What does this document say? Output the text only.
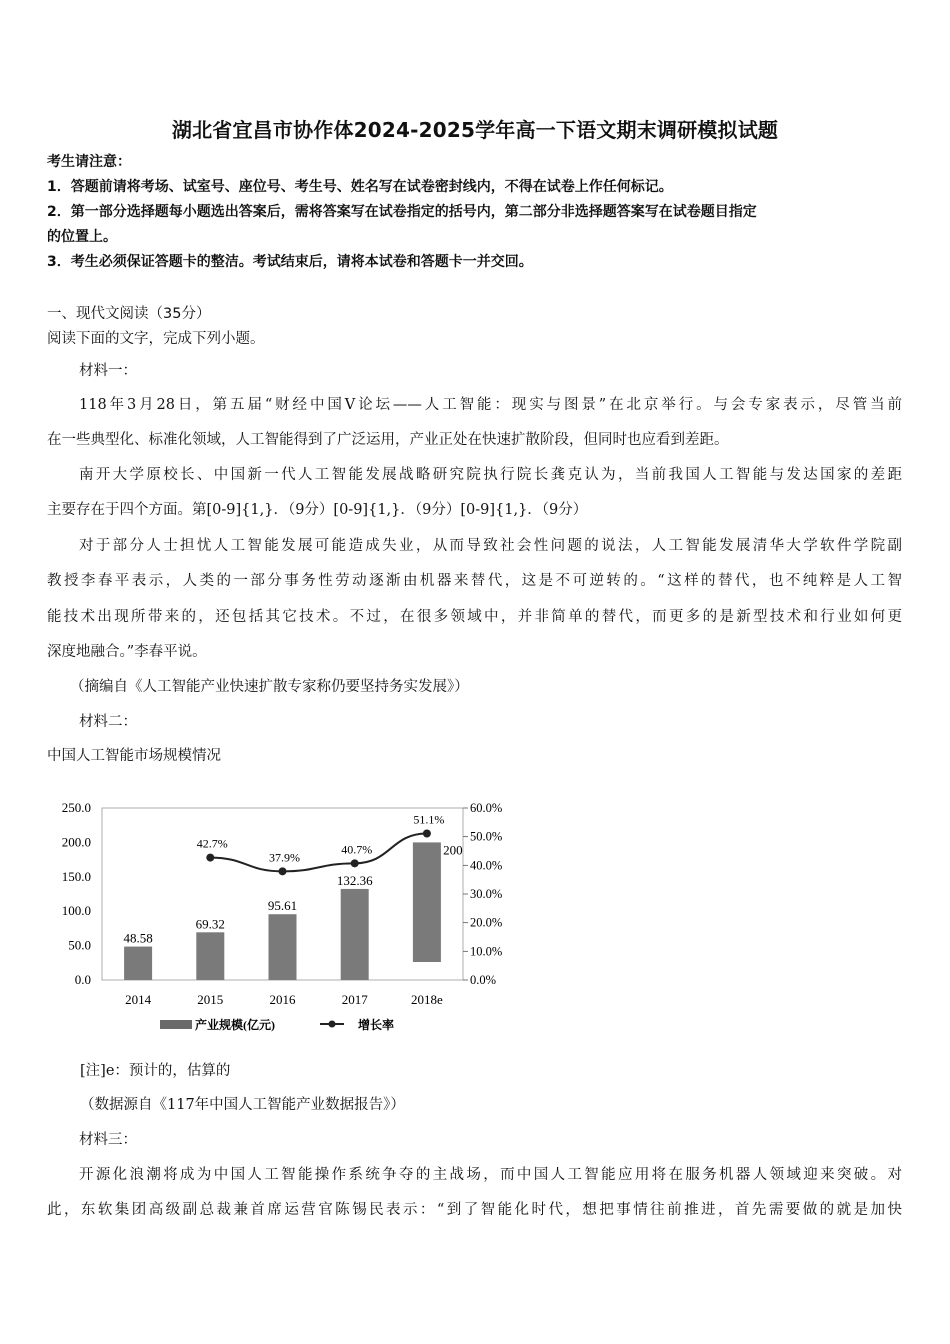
湖北省宜昌市协作体2024-2025学年高一下语文期末调研模拟试题
考生请注意：
1．答题前请将考场、试室号、座位号、考生号、姓名写在试卷密封线内，不得在试卷上作任何标记。
2．第一部分选择题每小题选出答案后，需将答案写在试卷指定的括号内，第二部分非选择题答案写在试卷题目指定
的位置上。
3．考生必须保证答题卡的整洁。考试结束后，请将本试卷和答题卡一并交回。
一、现代文阅读（35分）
阅读下面的文字，完成下列小题。
材料一：
118年3月28日，第五届“财经中国Ⅴ论坛——人工智能：现实与图景”在北京举行。与会专家表示，尽管当前
在一些典型化、标准化领域，人工智能得到了广泛运用，产业正处在快速扩散阶段，但同时也应看到差距。
南开大学原校长、中国新一代人工智能发展战略研究院执行院长龚克认为，当前我国人工智能与发达国家的差距
主要存在于四个方面。第[0-9]{1,}．（9分）[0-9]{1,}．（9分）[0-9]{1,}．（9分）
对于部分人士担忧人工智能发展可能造成失业，从而导致社会性问题的说法，人工智能发展清华大学软件学院副
教授李春平表示，人类的一部分事务性劳动逐渐由机器来替代，这是不可逆转的。“这样的替代，也不纯粹是人工智
能技术出现所带来的，还包括其它技术。不过，在很多领域中，并非简单的替代，而更多的是新型技术和行业如何更
深度地融合。”李春平说。
（摘编自《人工智能产业快速扩散专家称仍要坚持务实发展》）
材料二：
中国人工智能市场规模情况
48.58
69.32
95.61
132.36
200
0.0
50.0
100.0
150.0
200.0
250.0
0.0%
10.0%
20.0%
30.0%
40.0%
50.0%
60.0%
2014	2015	2016	2017	2018e
42.7%
37.9%
40.7%
51.1%
产业规模(亿元)	增长率
[注]e：预计的，估算的
（数据源自《117年中国人工智能产业数据报告》）
材料三：
开源化浪潮将成为中国人工智能操作系统争夺的主战场，而中国人工智能应用将在服务机器人领域迎来突破。对
此，东软集团高级副总裁兼首席运营官陈锡民表示：“到了智能化时代，想把事情往前推进，首先需要做的就是加快
